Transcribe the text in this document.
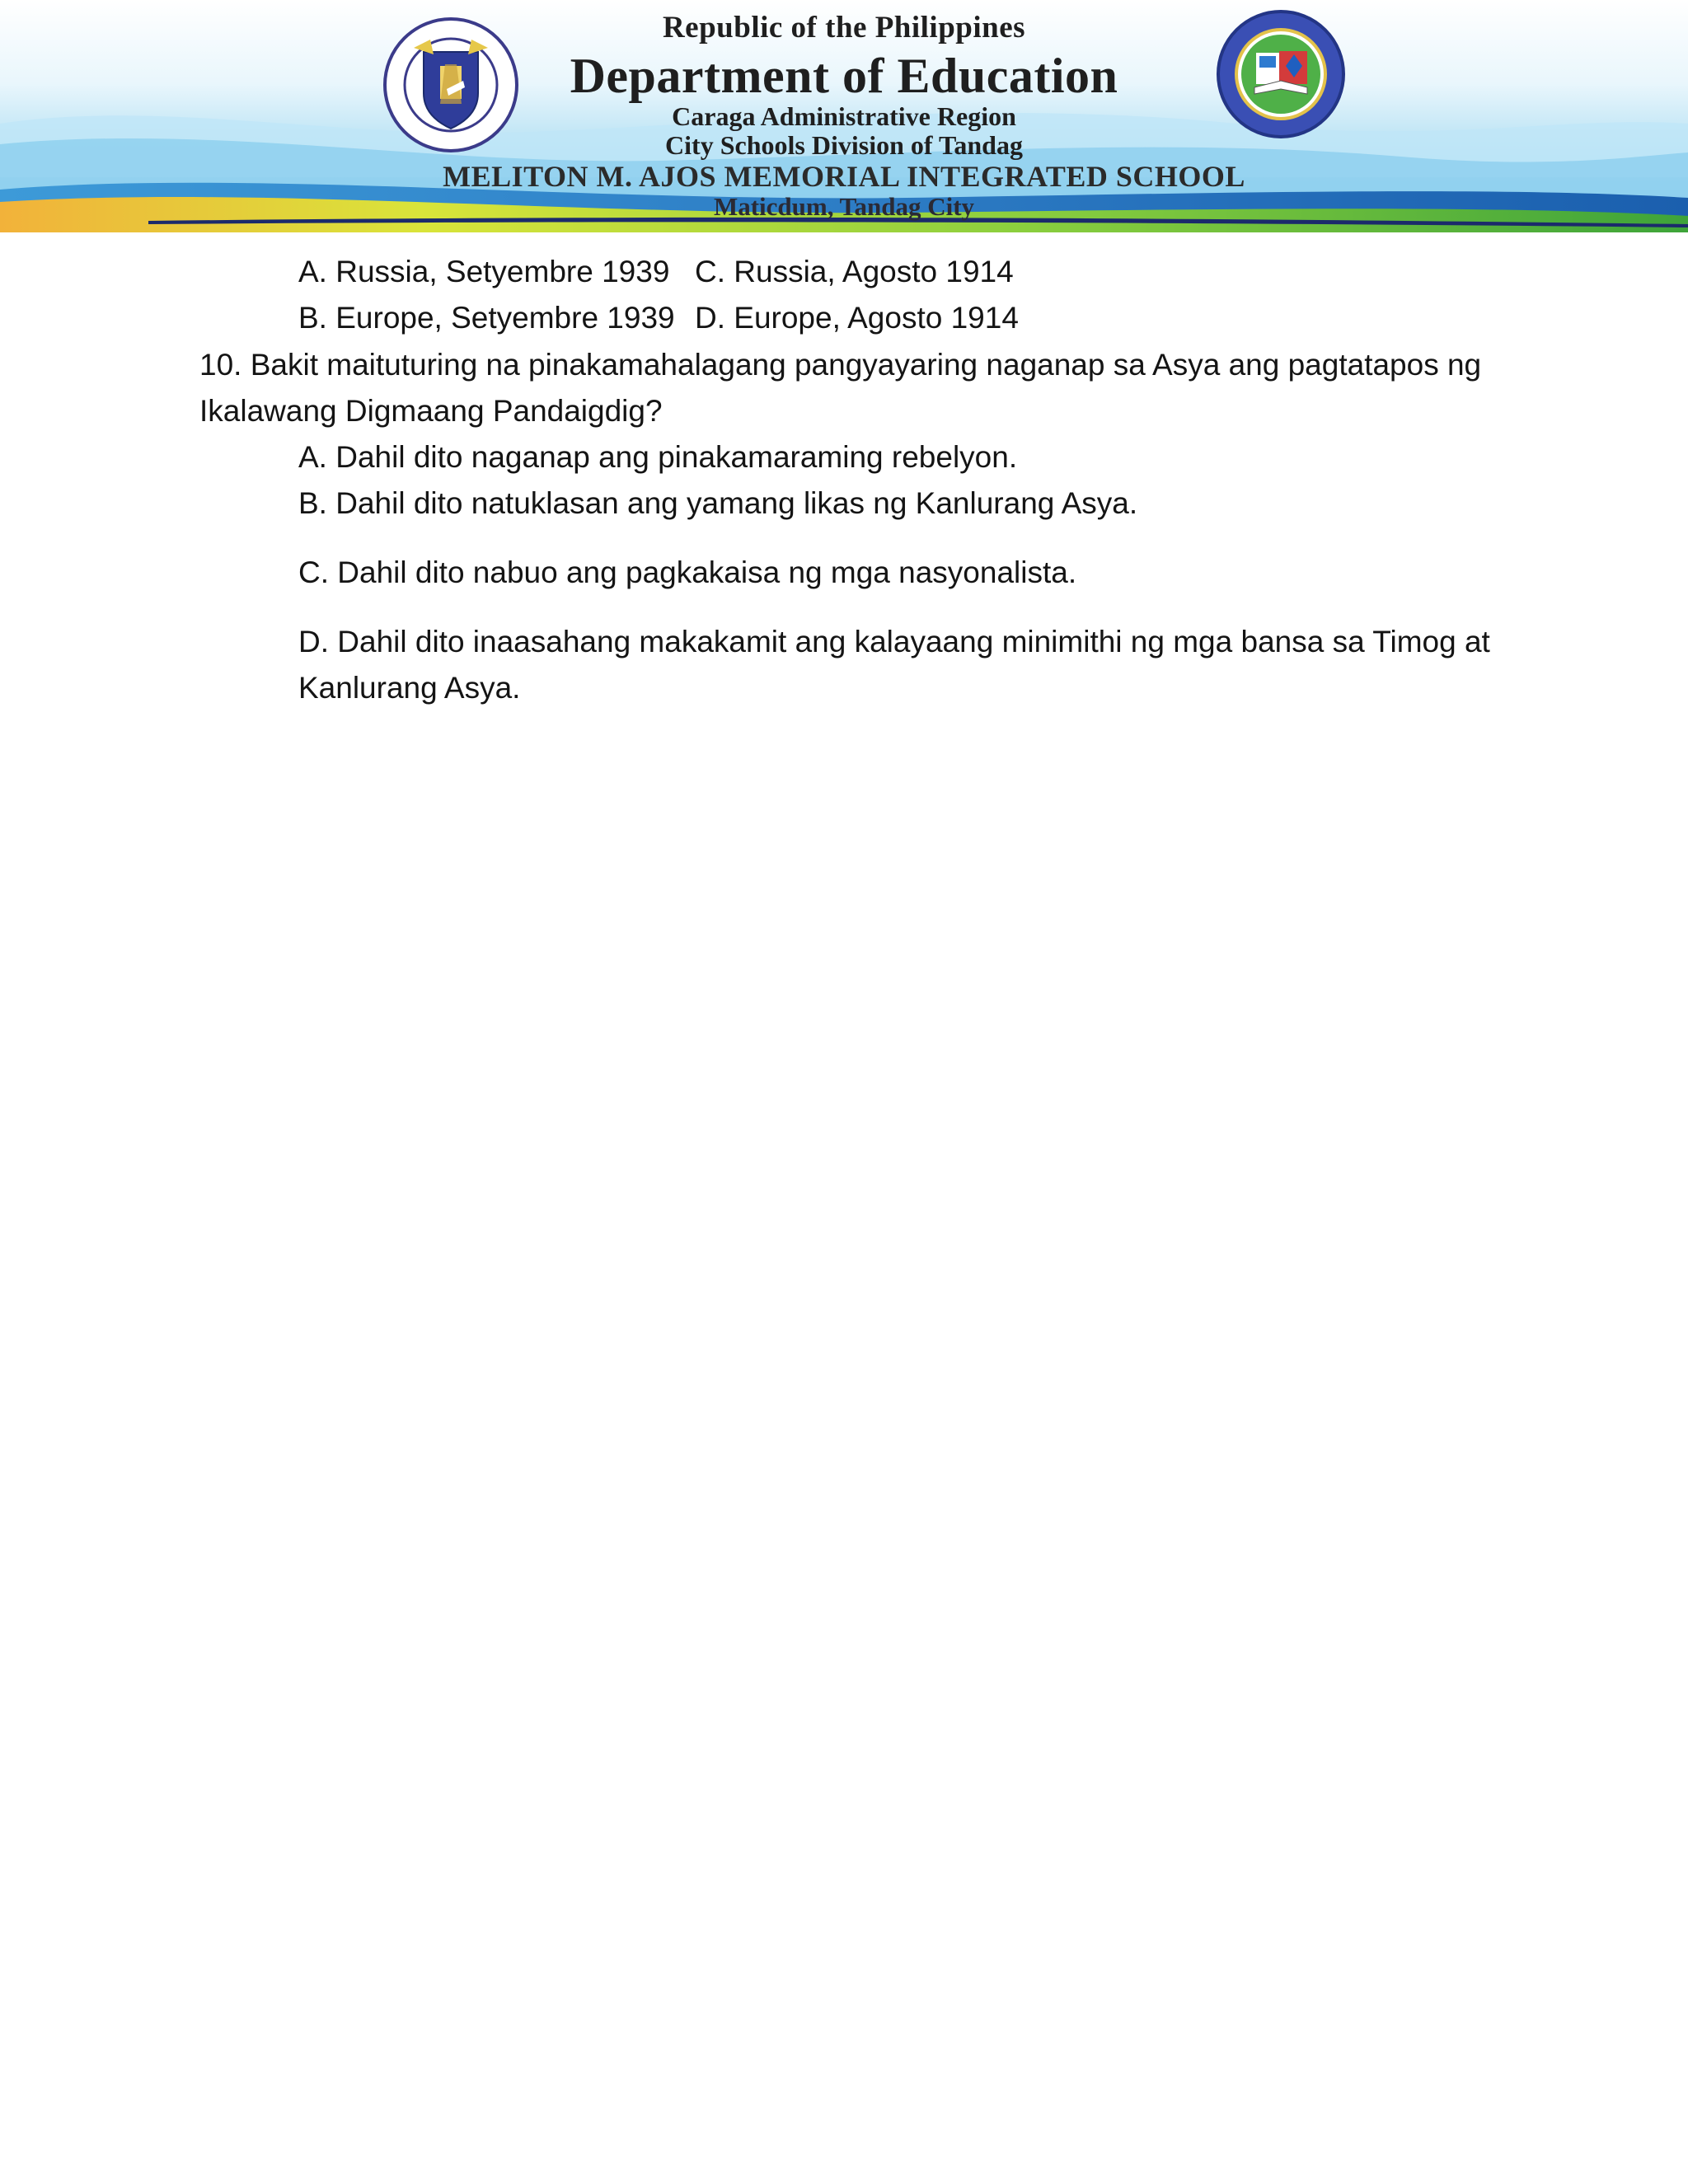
Republic of the Philippines
Department of Education
Caraga Administrative Region
City Schools Division of Tandag
MELITON M. AJOS MEMORIAL INTEGRATED SCHOOL
Maticdum, Tandag City
A. Russia, Setyembre 1939 C. Russia, Agosto 1914
B. Europe, Setyembre 1939 D. Europe, Agosto 1914
10. Bakit maituturing na pinakamahalagang pangyayaring naganap sa Asya ang pagtatapos ng
Ikalawang Digmaang Pandaigdig?
A. Dahil dito naganap ang pinakamaraming rebelyon.
B. Dahil dito natuklasan ang yamang likas ng Kanlurang Asya.
C. Dahil dito nabuo ang pagkakaisa ng mga nasyonalista.
D. Dahil dito inaasahang makakamit ang kalayaang minimithi ng mga bansa sa Timog at
Kanlurang Asya.
